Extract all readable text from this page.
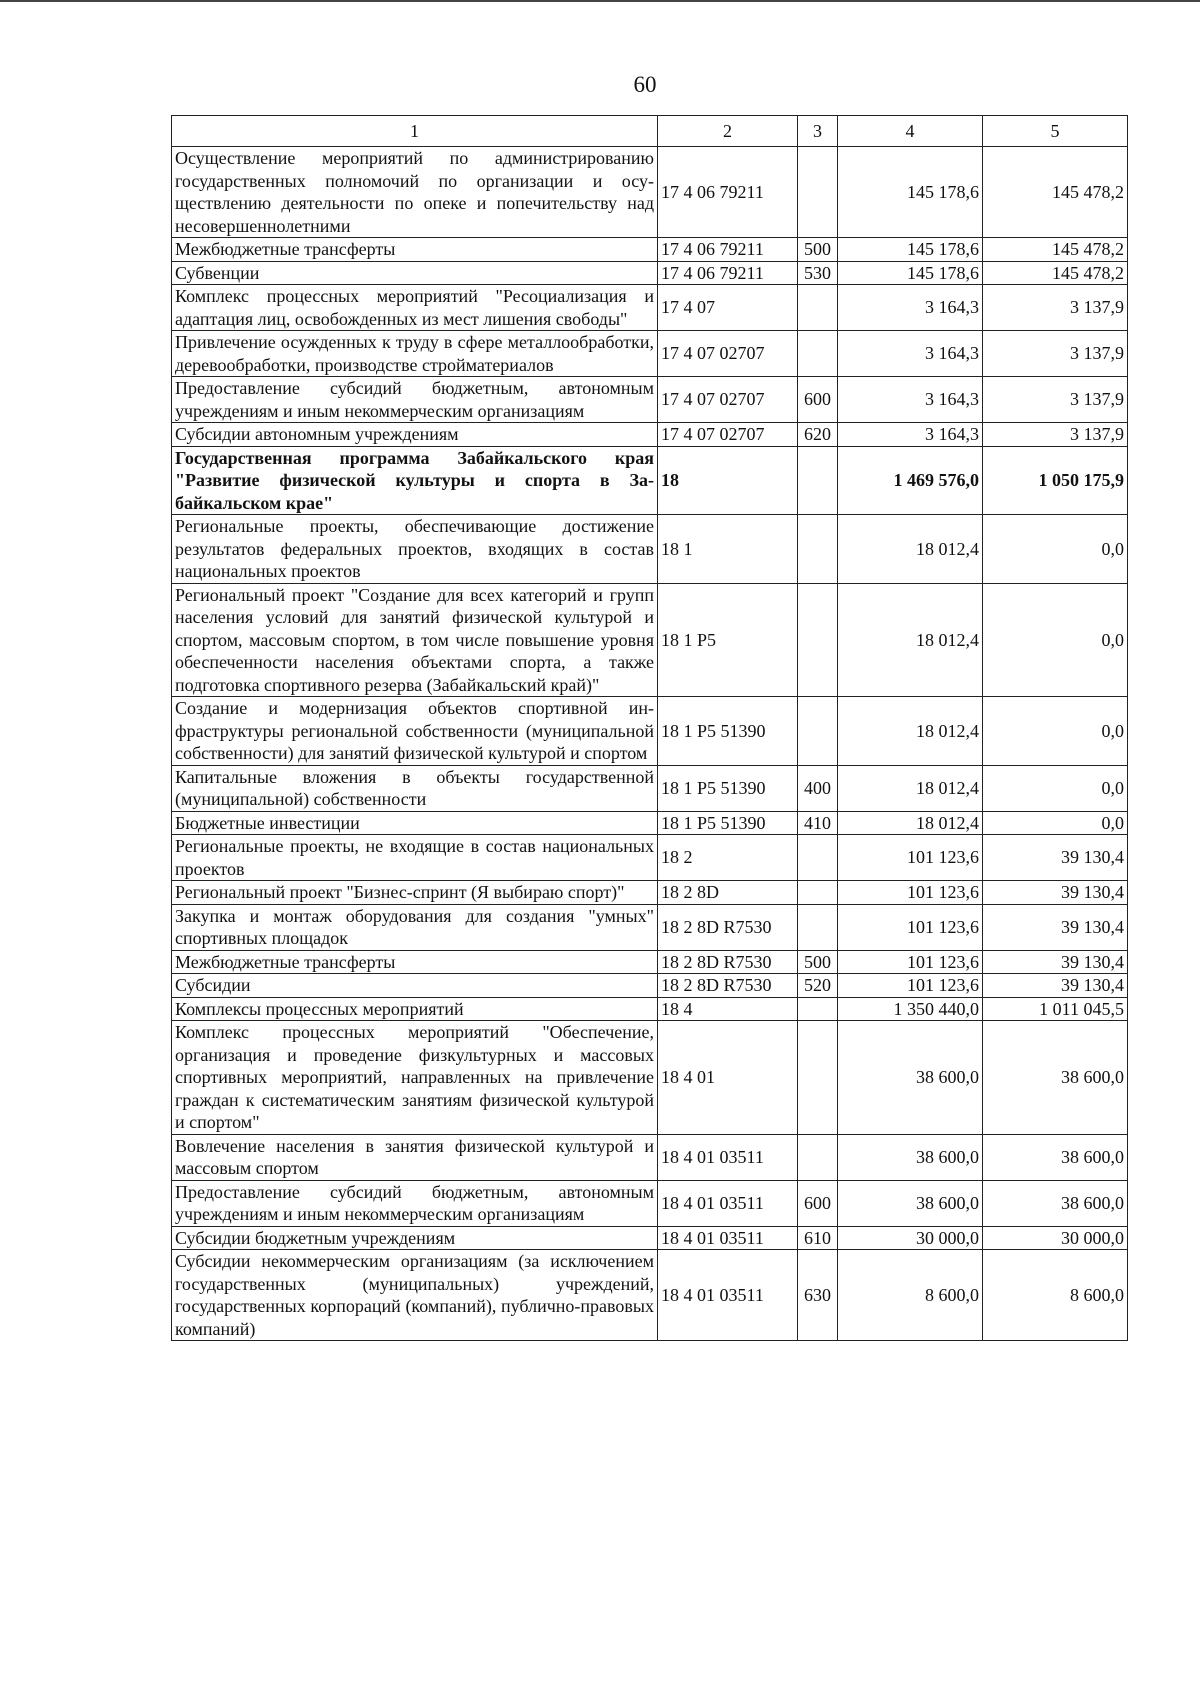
60
1	2	3	4	5
Осуществление мероприятий по администрированию государственных полномочий по организации и осуществлению деятельности по опеке и попечительству над несовершеннолетними	17 4 06 79211		145 178,6	145 478,2
Межбюджетные трансферты	17 4 06 79211	500	145 178,6	145 478,2
Субвенции	17 4 06 79211	530	145 178,6	145 478,2
Комплекс процессных мероприятий "Ресоциализация и адаптация лиц, освобожденных из мест лишения свободы"	17 4 07		3 164,3	3 137,9
Привлечение осужденных к труду в сфере металлообработки, деревообработки, производстве стройматериалов	17 4 07 02707		3 164,3	3 137,9
Предоставление субсидий бюджетным, автономным учреждениям и иным некоммерческим организациям	17 4 07 02707	600	3 164,3	3 137,9
Субсидии автономным учреждениям	17 4 07 02707	620	3 164,3	3 137,9
Государственная программа Забайкальского края "Развитие физической культуры и спорта в Забайкальском крае"	18		1 469 576,0	1 050 175,9
Региональные проекты, обеспечивающие достижение результатов федеральных проектов, входящих в состав национальных проектов	18 1		18 012,4	0,0
Региональный проект "Создание для всех категорий и групп населения условий для занятий физической культурой и спортом, массовым спортом, в том числе повышение уровня обеспеченности населения объектами спорта, а также подготовка спортивного резерва (Забайкальский край)"	18 1 P5		18 012,4	0,0
Создание и модернизация объектов спортивной инфраструктуры региональной собственности (муниципальной собственности) для занятий физической культурой и спортом	18 1 P5 51390		18 012,4	0,0
Капитальные вложения в объекты государственной (муниципальной) собственности	18 1 P5 51390	400	18 012,4	0,0
Бюджетные инвестиции	18 1 P5 51390	410	18 012,4	0,0
Региональные проекты, не входящие в состав национальных проектов	18 2		101 123,6	39 130,4
Региональный проект "Бизнес-спринт (Я выбираю спорт)"	18 2 8D		101 123,6	39 130,4
Закупка и монтаж оборудования для создания "умных" спортивных площадок	18 2 8D R7530		101 123,6	39 130,4
Межбюджетные трансферты	18 2 8D R7530	500	101 123,6	39 130,4
Субсидии	18 2 8D R7530	520	101 123,6	39 130,4
Комплексы процессных мероприятий	18 4		1 350 440,0	1 011 045,5
Комплекс процессных мероприятий "Обеспечение, организация и проведение физкультурных и массовых спортивных мероприятий, направленных на привлечение граждан к систематическим занятиям физической культурой и спортом"	18 4 01		38 600,0	38 600,0
Вовлечение населения в занятия физической культурой и массовым спортом	18 4 01 03511		38 600,0	38 600,0
Предоставление субсидий бюджетным, автономным учреждениям и иным некоммерческим организациям	18 4 01 03511	600	38 600,0	38 600,0
Субсидии бюджетным учреждениям	18 4 01 03511	610	30 000,0	30 000,0
Субсидии некоммерческим организациям (за исключением государственных (муниципальных) учреждений, государственных корпораций (компаний), публично-правовых компаний)	18 4 01 03511	630	8 600,0	8 600,0
